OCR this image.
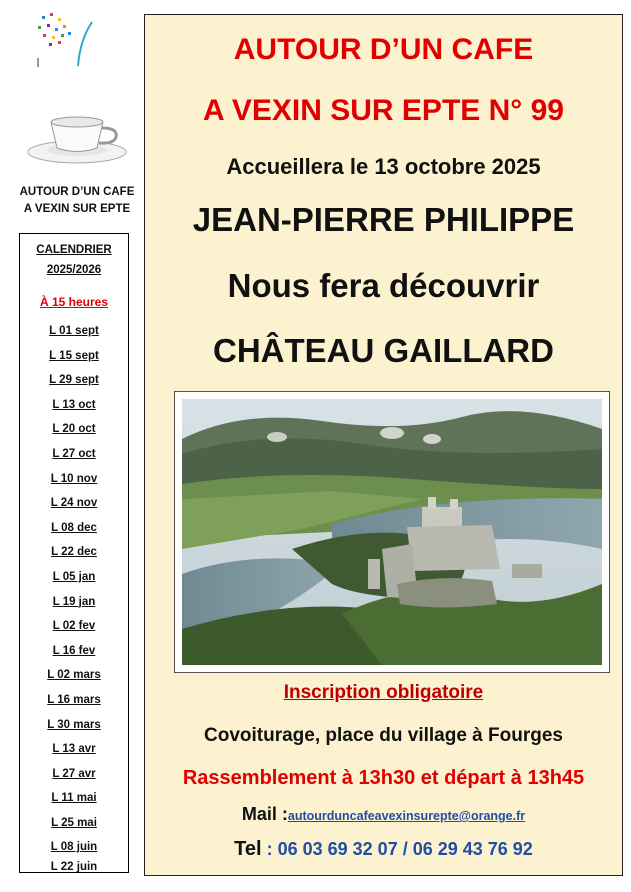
AUTOUR D’UN CAFE
A VEXIN SUR EPTE
CALENDRIER
2025/2026
À 15 heures
L 01 sept
L 15 sept
L 29 sept
L 13 oct
L 20 oct
L 27 oct
L 10 nov
L 24 nov
L 08 dec
L 22 dec
L 05 jan
L 19 jan
L 02 fev
L 16 fev
L 02 mars
L 16 mars
L 30 mars
L 13 avr
L 27 avr
L 11 mai
L 25 mai
L 08 juin
L 22 juin
AUTOUR D’UN CAFE
A VEXIN SUR EPTE N° 99
Accueillera le 13 octobre 2025
JEAN-PIERRE PHILIPPE
Nous fera découvrir
CHÂTEAU GAILLARD
Inscription obligatoire
Covoiturage, place du village à Fourges
Rassemblement à 13h30 et départ à 13h45
Mail :autourduncafeavexinsurepte@orange.fr
Tel : 06 03 69 32 07 / 06 29 43 76 92
